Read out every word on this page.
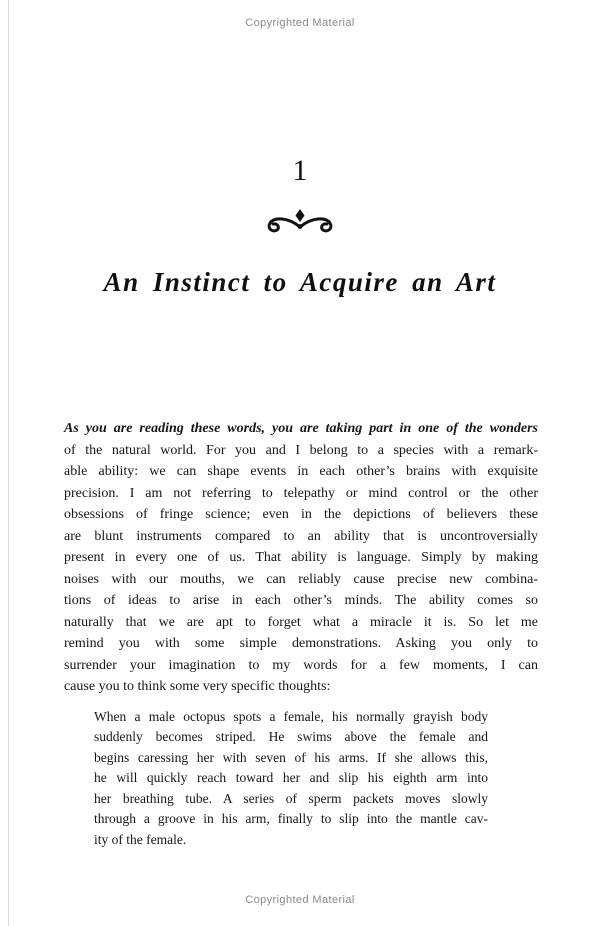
Copyrighted Material
1
An Instinct to Acquire an Art
As you are reading these words, you are taking part in one of the wonders
of the natural world. For you and I belong to a species with a remark-
able ability: we can shape events in each other’s brains with exquisite
precision. I am not referring to telepathy or mind control or the other
obsessions of fringe science; even in the depictions of believers these
are blunt instruments compared to an ability that is uncontroversially
present in every one of us. That ability is language. Simply by making
noises with our mouths, we can reliably cause precise new combina-
tions of ideas to arise in each other’s minds. The ability comes so
naturally that we are apt to forget what a miracle it is. So let me
remind you with some simple demonstrations. Asking you only to
surrender your imagination to my words for a few moments, I can
cause you to think some very specific thoughts:
When a male octopus spots a female, his normally grayish body
suddenly becomes striped. He swims above the female and
begins caressing her with seven of his arms. If she allows this,
he will quickly reach toward her and slip his eighth arm into
her breathing tube. A series of sperm packets moves slowly
through a groove in his arm, finally to slip into the mantle cav-
ity of the female.
Copyrighted Material
